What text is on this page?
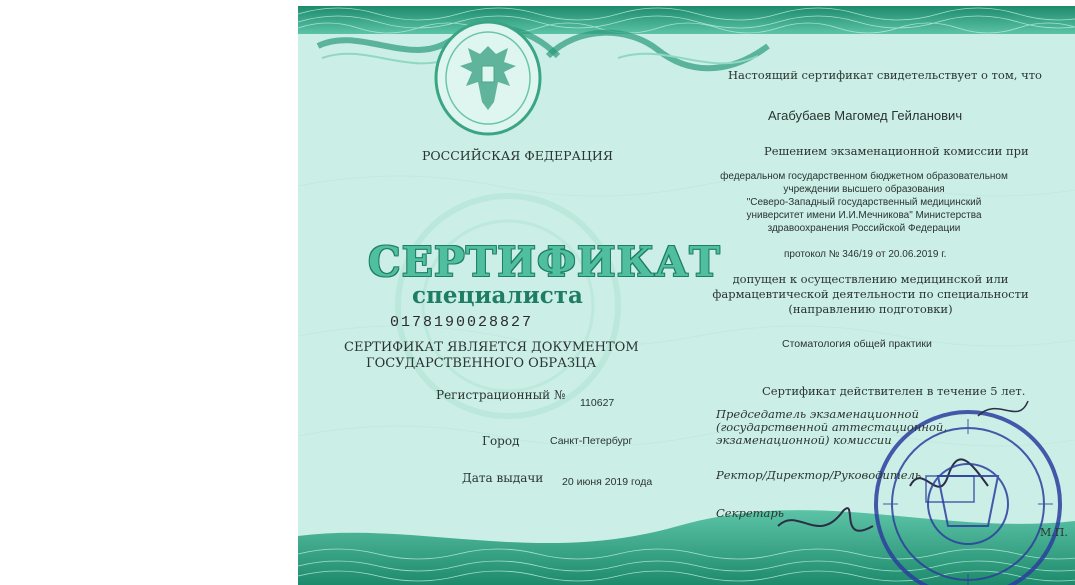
РОССИЙСКАЯ ФЕДЕРАЦИЯ
СЕРТИФИКАТ
специалиста
0178190028827
СЕРТИФИКАТ ЯВЛЯЕТСЯ ДОКУМЕНТОМ
ГОСУДАРСТВЕННОГО ОБРАЗЦА
Регистрационный №
110627
Город	Санкт-Петербург
Дата выдачи 20 июня 2019 года
Настоящий сертификат свидетельствует о том, что
Агабубаев Магомед Гейланович
Решением экзаменационной комиссии при
федеральном государственном бюджетном образовательном
учреждении высшего образования
"Северо-Западный государственный медицинский
университет имени И.И.Мечникова" Министерства
здравоохранения Российской Федерации
протокол № 346/19 от 20.06.2019 г.
допущен к осуществлению медицинской или
фармацевтической деятельности по специальности
(направлению подготовки)
Стоматология общей практики
Сертификат действителен в течение 5 лет.
Председатель экзаменационной
(государственной аттестационной,
экзаменационной) комиссии
Ректор/Директор/Руководитель
Секретарь
М.П.
